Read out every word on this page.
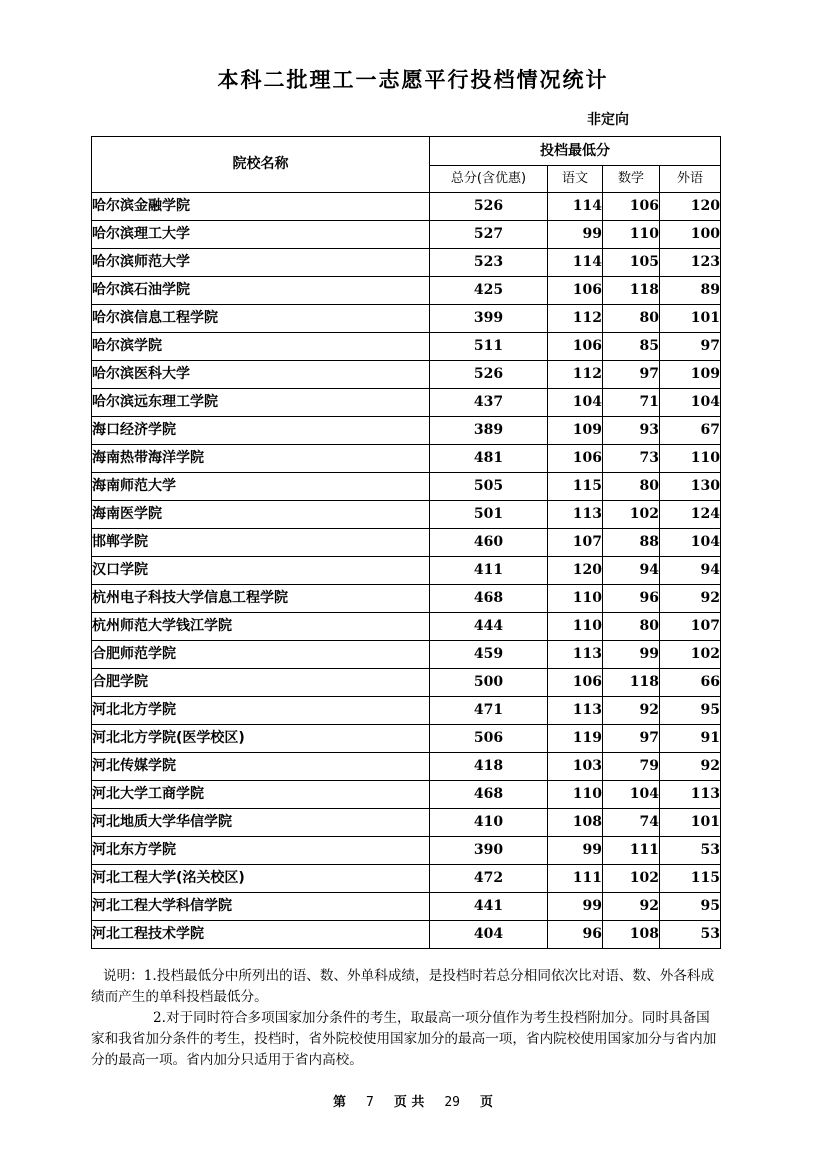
本科二批理工一志愿平行投档情况统计
非定向
院校名称	投档最低分			
	总分(含优惠)	语文	数学	外语
哈尔滨金融学院	526	114	106	120
哈尔滨理工大学	527	99	110	100
哈尔滨师范大学	523	114	105	123
哈尔滨石油学院	425	106	118	89
哈尔滨信息工程学院	399	112	80	101
哈尔滨学院	511	106	85	97
哈尔滨医科大学	526	112	97	109
哈尔滨远东理工学院	437	104	71	104
海口经济学院	389	109	93	67
海南热带海洋学院	481	106	73	110
海南师范大学	505	115	80	130
海南医学院	501	113	102	124
邯郸学院	460	107	88	104
汉口学院	411	120	94	94
杭州电子科技大学信息工程学院	468	110	96	92
杭州师范大学钱江学院	444	110	80	107
合肥师范学院	459	113	99	102
合肥学院	500	106	118	66
河北北方学院	471	113	92	95
河北北方学院(医学校区)	506	119	97	91
河北传媒学院	418	103	79	92
河北大学工商学院	468	110	104	113
河北地质大学华信学院	410	108	74	101
河北东方学院	390	99	111	53
河北工程大学(洺关校区)	472	111	102	115
河北工程大学科信学院	441	99	92	95
河北工程技术学院	404	96	108	53

说明：1.投档最低分中所列出的语、数、外单科成绩，是投档时若总分相同依次比对语、数、外各科成绩而产生的单科投档最低分。

2.对于同时符合多项国家加分条件的考生，取最高一项分值作为考生投档附加分。同时具备国家和我省加分条件的考生，投档时，省外院校使用国家加分的最高一项，省内院校使用国家加分与省内加分的最高一项。省内加分只适用于省内高校。

第 7 页 共 29 页
